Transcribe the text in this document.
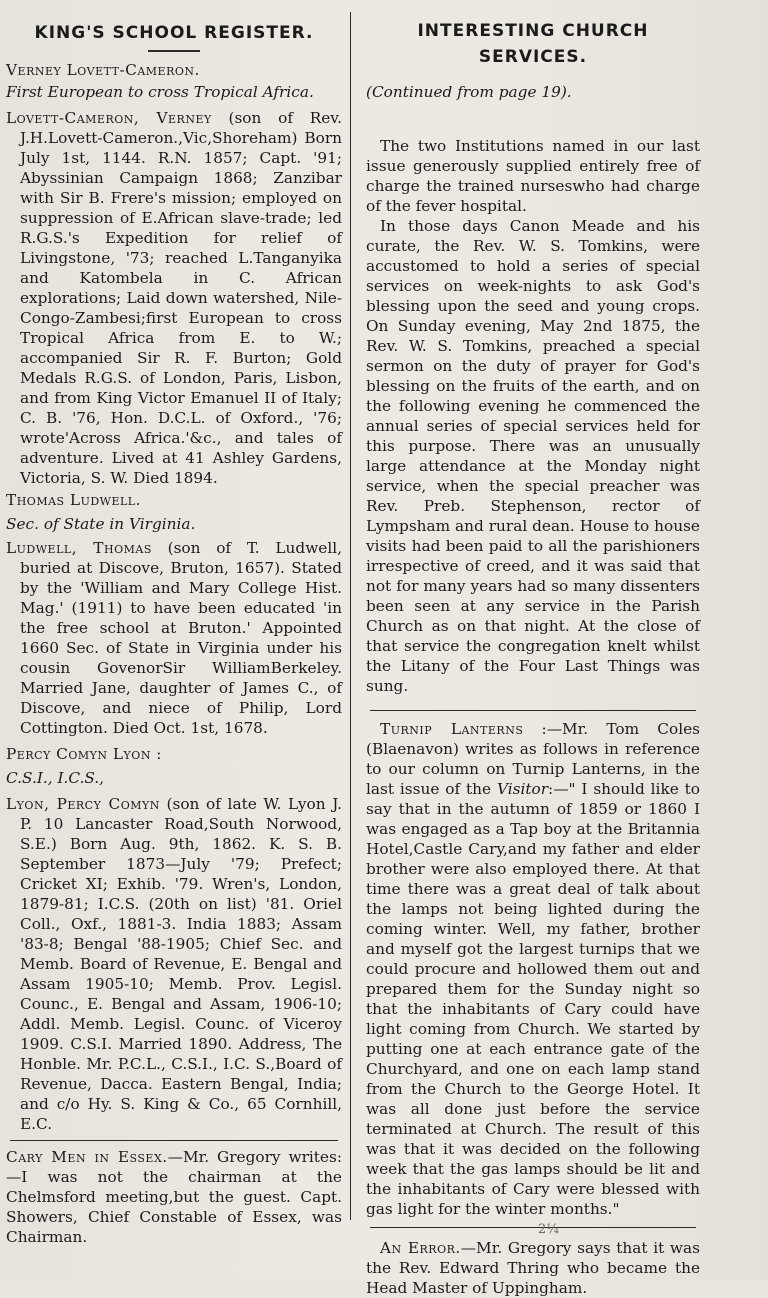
KING'S SCHOOL REGISTER.

Verney Lovett-Cameron.

First European to cross Tropical Africa.

Lovett-Cameron, Verney (son of Rev. J.H.Lovett-Cameron.,Vic,Shoreham) Born July 1st, 1144. R.N. 1857; Capt. '91; Abyssinian Campaign 1868; Zanzibar with Sir B. Frere's mission; employed on suppression of E.African slave-trade; led R.G.S.'s Expedition for relief of Livingstone, '73; reached L.Tanganyika and Katombela in C. African explorations; Laid down watershed, Nile-Congo-Zambesi;first European to cross Tropical Africa from E. to W.; accompanied Sir R. F. Burton; Gold Medals R.G.S. of London, Paris, Lisbon, and from King Victor Emanuel II of Italy; C. B. '76, Hon. D.C.L. of Oxford., '76; wrote'Across Africa.'&c., and tales of adventure. Lived at 41 Ashley Gardens, Victoria, S. W. Died 1894.

Thomas Ludwell.

Sec. of State in Virginia.

Ludwell, Thomas (son of T. Ludwell, buried at Discove, Bruton, 1657). Stated by the 'William and Mary College Hist. Mag.' (1911) to have been educated 'in the free school at Bruton.' Appointed 1660 Sec. of State in Virginia under his cousin GovenorSir WilliamBerkeley. Married Jane, daughter of James C., of Discove, and niece of Philip, Lord Cottington. Died Oct. 1st, 1678.

Percy Comyn Lyon :

C.S.I., I.C.S.,

Lyon, Percy Comyn (son of late W. Lyon J. P. 10 Lancaster Road,South Norwood, S.E.) Born Aug. 9th, 1862. K. S. B. September 1873—July '79; Prefect; Cricket XI; Exhib. '79. Wren's, London, 1879-81; I.C.S. (20th on list) '81. Oriel Coll., Oxf., 1881-3. India 1883; Assam '83-8; Bengal '88-1905; Chief Sec. and Memb. Board of Revenue, E. Bengal and Assam 1905-10; Memb. Prov. Legisl. Counc., E. Bengal and Assam, 1906-10; Addl. Memb. Legisl. Counc. of Viceroy 1909. C.S.I. Married 1890. Address, The Honble. Mr. P.C.L., C.S.I., I.C. S.,Board of Revenue, Dacca. Eastern Bengal, India; and c/o Hy. S. King & Co., 65 Cornhill, E.C.

Cary Men in Essex.—Mr. Gregory writes:—I was not the chairman at the Chelmsford meeting,but the guest. Capt. Showers, Chief Constable of Essex, was Chairman.

INTERESTING CHURCH
SERVICES.

(Continued from page 19).

The two Institutions named in our last issue generously supplied entirely free of charge the trained nurseswho had charge of the fever hospital.

In those days Canon Meade and his curate, the Rev. W. S. Tomkins, were accustomed to hold a series of special services on week-nights to ask God's blessing upon the seed and young crops. On Sunday evening, May 2nd 1875, the Rev. W. S. Tomkins, preached a special sermon on the duty of prayer for God's blessing on the fruits of the earth, and on the following evening he commenced the annual series of special services held for this purpose. There was an unusually large attendance at the Monday night service, when the special preacher was Rev. Preb. Stephenson, rector of Lympsham and rural dean. House to house visits had been paid to all the parishioners irrespective of creed, and it was said that not for many years had so many dissenters been seen at any service in the Parish Church as on that night. At the close of that service the congregation knelt whilst the Litany of the Four Last Things was sung.

Turnip Lanterns :—Mr. Tom Coles (Blaenavon) writes as follows in reference to our column on Turnip Lanterns, in the last issue of the Visitor:—" I should like to say that in the autumn of 1859 or 1860 I was engaged as a Tap boy at the Britannia Hotel,Castle Cary,and my father and elder brother were also employed there. At that time there was a great deal of talk about the lamps not being lighted during the coming winter. Well, my father, brother and myself got the largest turnips that we could procure and hollowed them out and prepared them for the Sunday night so that the inhabitants of Cary could have light coming from Church. We started by putting one at each entrance gate of the Churchyard, and one on each lamp stand from the Church to the George Hotel. It was all done just before the service terminated at Church. The result of this was that it was decided on the following week that the gas lamps should be lit and the inhabitants of Cary were blessed with gas light for the winter months."

An Error.—Mr. Gregory says that it was the Rev. Edward Thring who became the Head Master of Uppingham.

2¼
